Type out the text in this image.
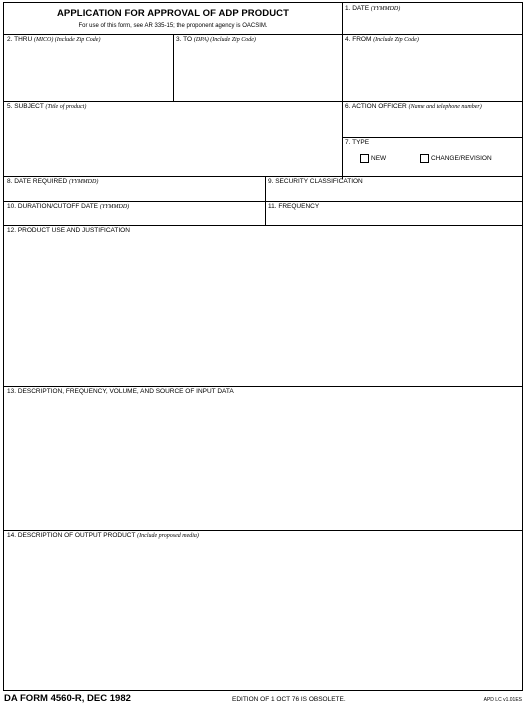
APPLICATION FOR APPROVAL OF ADP PRODUCT
For use of this form, see AR 335-15; the proponent agency is OACSIM.
1. DATE (YYMMDD)
2. THRU (MICO) (Include Zip Code)	3. TO (DPA) (Include Zip Code)	4. FROM (Include Zip Code)
5. SUBJECT (Title of product)	6. ACTION OFFICER (Name and telephone number)
7. TYPE
NEW	CHANGE/REVISION
8. DATE REQUIRED (YYMMDD)	9. SECURITY CLASSIFICATION
10. DURATION/CUTOFF DATE (YYMMDD)	11. FREQUENCY
12. PRODUCT USE AND JUSTIFICATION
13. DESCRIPTION, FREQUENCY, VOLUME, AND SOURCE OF INPUT DATA
14. DESCRIPTION OF OUTPUT PRODUCT (Include proposed media)
DA FORM 4560-R, DEC 1982	EDITION OF 1 OCT 76 IS OBSOLETE.	APD LC v1.01ES
